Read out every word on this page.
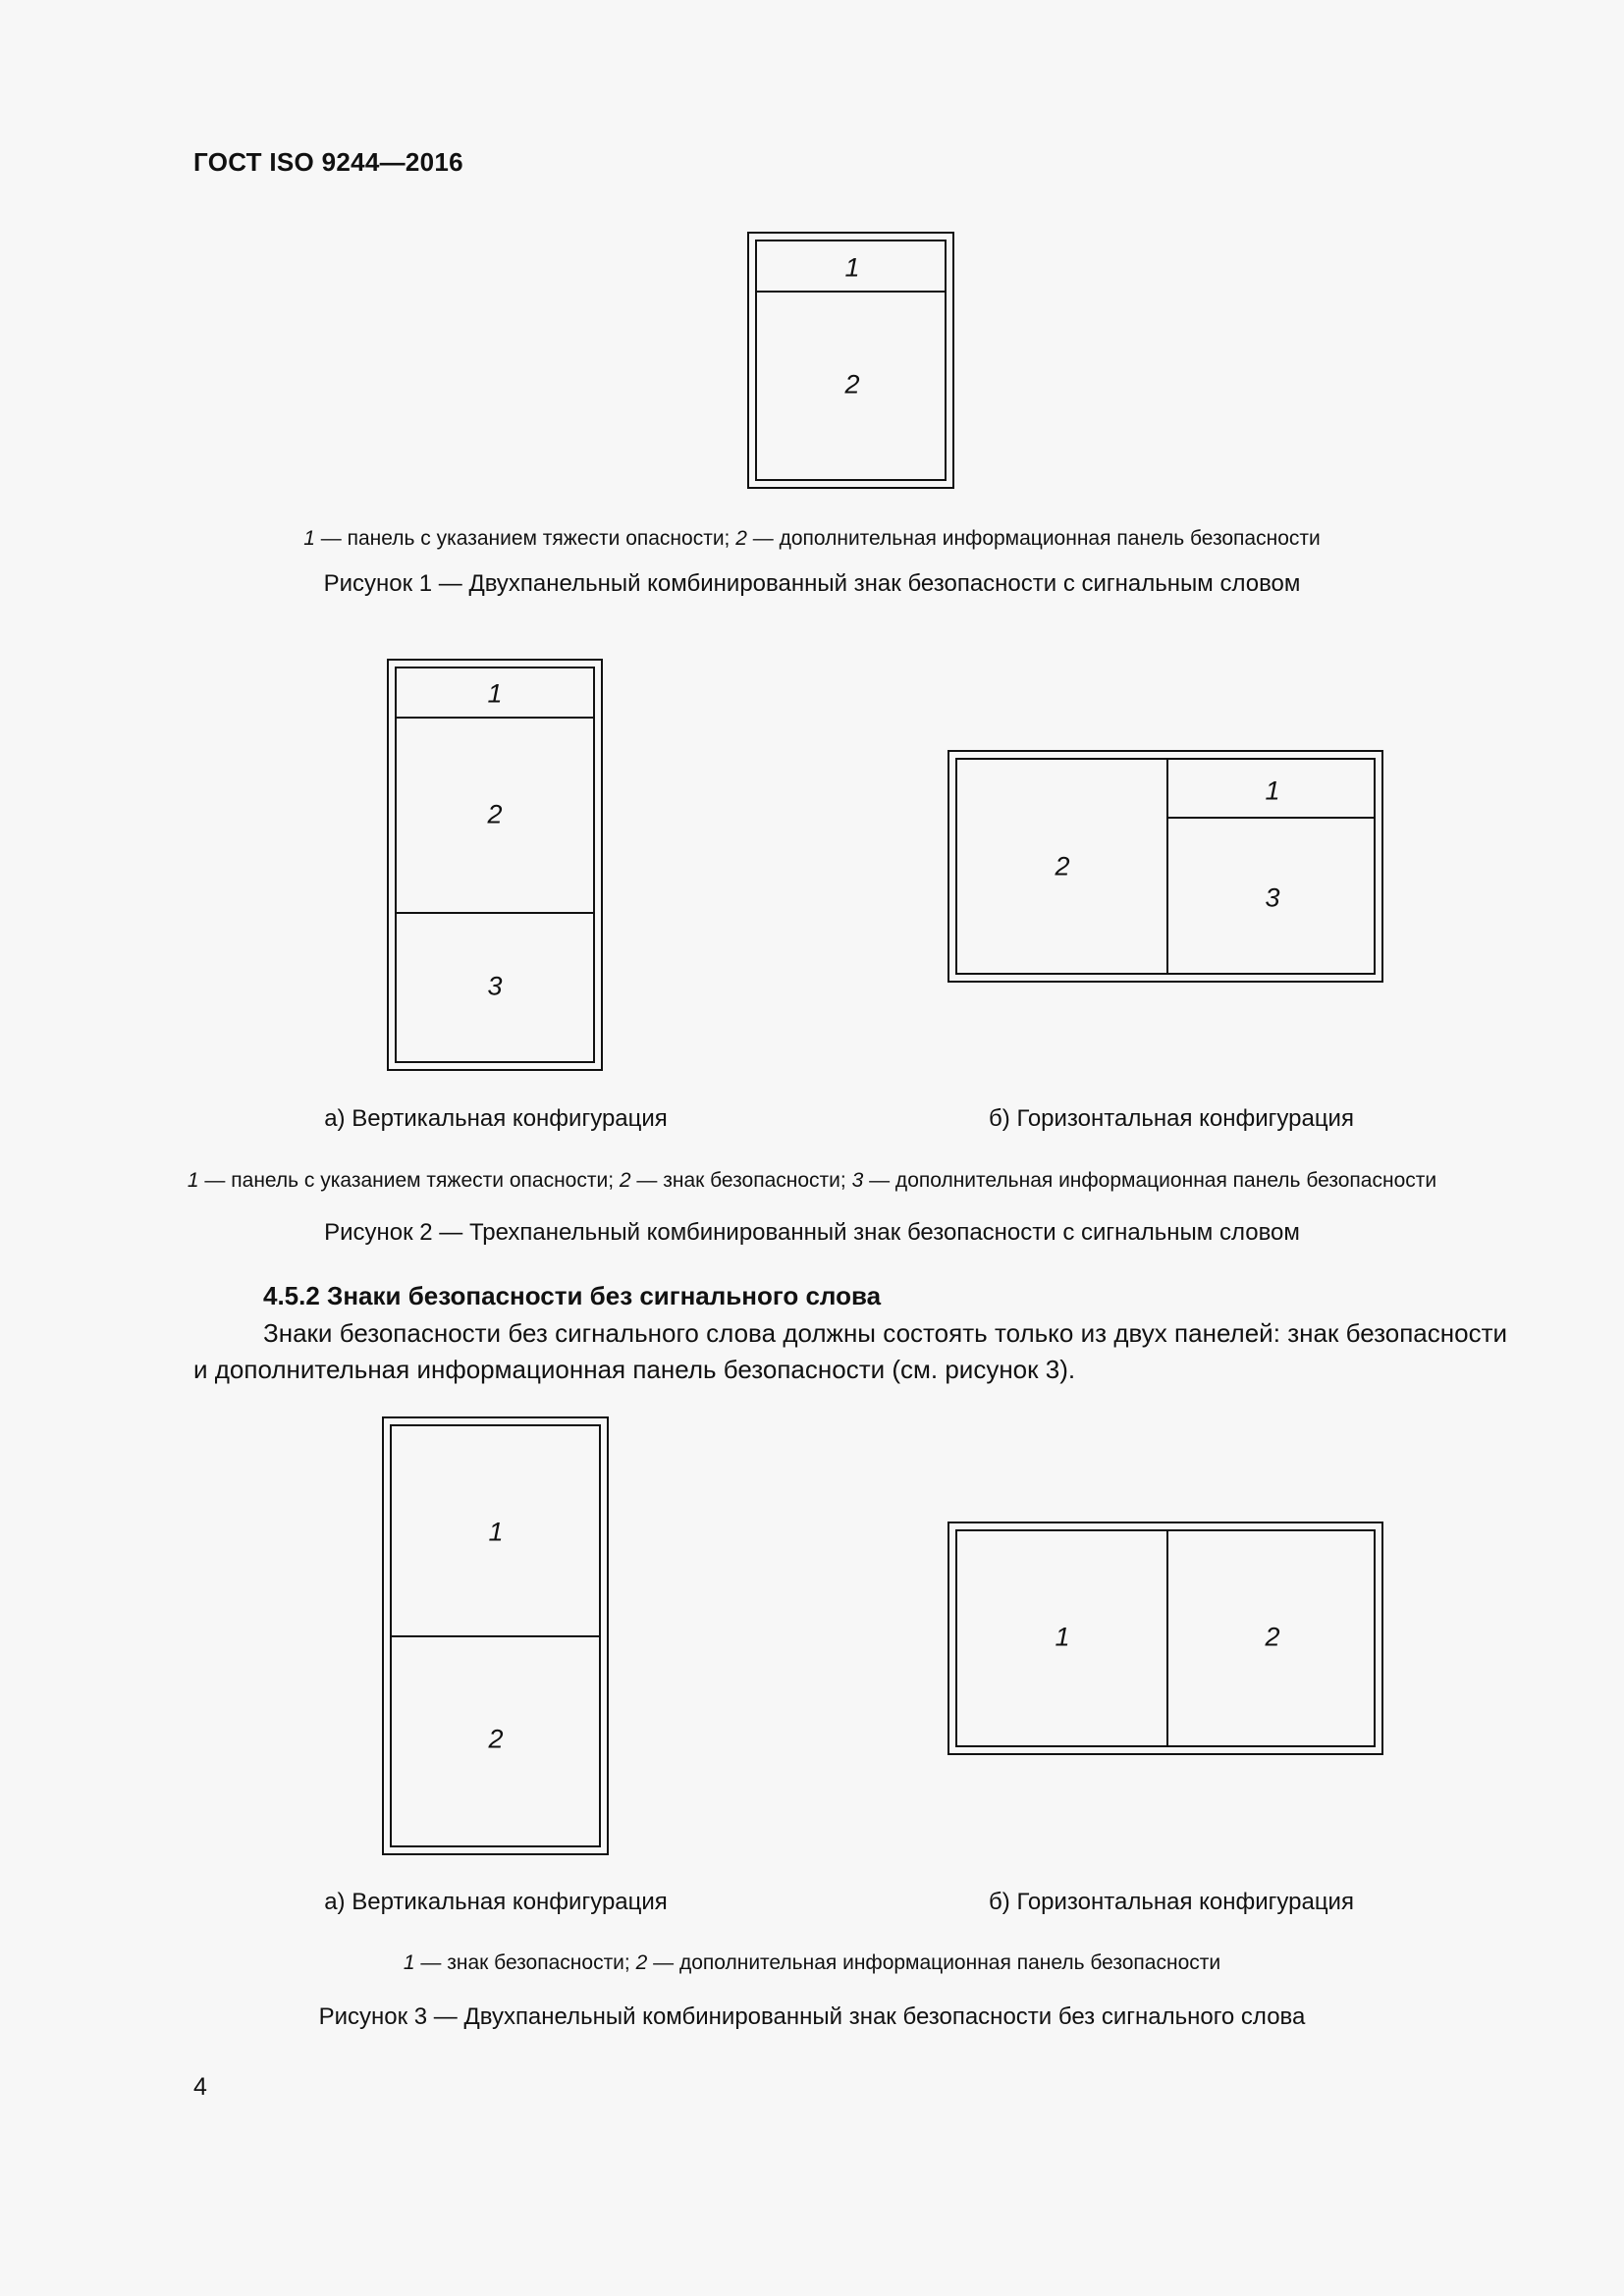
ГОСТ ISO 9244—2016
1
2
1 — панель с указанием тяжести опасности; 2 — дополнительная информационная панель безопасности
Рисунок 1 — Двухпанельный комбинированный знак безопасности с сигнальным словом
1
2
3
2
1
3
а) Вертикальная конфигурация	б) Горизонтальная конфигурация
1 — панель с указанием тяжести опасности; 2 — знак безопасности; 3 — дополнительная информационная панель безопасности
Рисунок 2 — Трехпанельный комбинированный знак безопасности с сигнальным словом
4.5.2 Знаки безопасности без сигнального слова

Знаки безопасности без сигнального слова должны состоять только из двух панелей: знак безопасности и дополнительная информационная панель безопасности (см. рисунок 3).

1
2
1	2
а) Вертикальная конфигурация	б) Горизонтальная конфигурация
1 — знак безопасности; 2 — дополнительная информационная панель безопасности
Рисунок 3 — Двухпанельный комбинированный знак безопасности без сигнального слова
4
